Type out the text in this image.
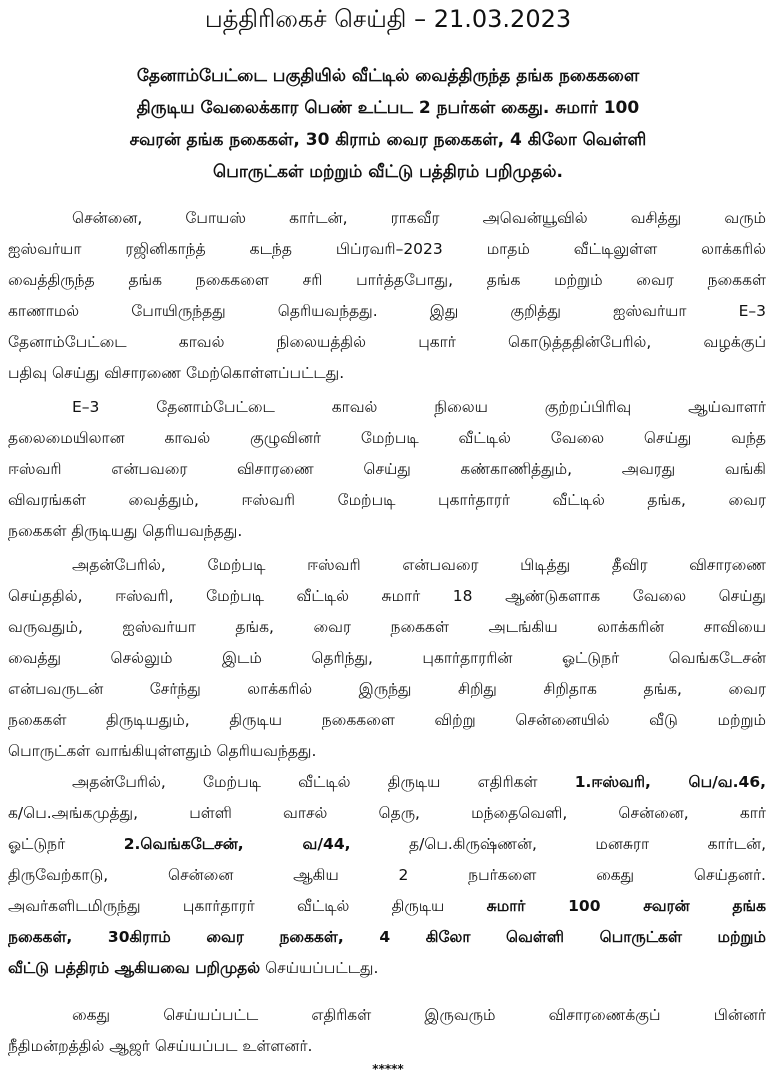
பத்திரிகைச் செய்தி – 21.03.2023
தேனாம்பேட்டை பகுதியில் வீட்டில் வைத்திருந்த தங்க நகைகளை
திருடிய வேலைக்கார பெண் உட்பட 2 நபர்கள் கைது. சுமார் 100
சவரன் தங்க நகைகள், 30 கிராம் வைர நகைகள், 4 கிலோ வெள்ளி
பொருட்கள் மற்றும் வீட்டு பத்திரம் பறிமுதல்.
சென்னை, போயஸ் கார்டன், ராகவீர அவென்யூவில் வசித்து வரும்
ஐஸ்வர்யா ரஜினிகாந்த் கடந்த பிப்ரவரி–2023 மாதம் வீட்டிலுள்ள லாக்கரில்
வைத்திருந்த தங்க நகைகளை சரி பார்த்தபோது, தங்க மற்றும் வைர நகைகள்
காணாமல் போயிருந்தது தெரியவந்தது. இது குறித்து ஐஸ்வர்யா E–3
தேனாம்பேட்டை காவல் நிலையத்தில் புகார் கொடுத்ததின்பேரில், வழக்குப்
பதிவு செய்து விசாரணை மேற்கொள்ளப்பட்டது.
E–3 தேனாம்பேட்டை காவல் நிலைய குற்றப்பிரிவு ஆய்வாளர்
தலைமையிலான காவல் குழுவினர் மேற்படி வீட்டில் வேலை செய்து வந்த
ஈஸ்வரி என்பவரை விசாரணை செய்து கண்காணித்தும், அவரது வங்கி
விவரங்கள் வைத்தும், ஈஸ்வரி மேற்படி புகார்தாரர் வீட்டில் தங்க, வைர
நகைகள் திருடியது தெரியவந்தது.
அதன்பேரில், மேற்படி ஈஸ்வரி என்பவரை பிடித்து தீவிர விசாரணை
செய்ததில், ஈஸ்வரி, மேற்படி வீட்டில் சுமார் 18 ஆண்டுகளாக வேலை செய்து
வருவதும், ஐஸ்வர்யா தங்க, வைர நகைகள் அடங்கிய லாக்கரின் சாவியை
வைத்து செல்லும் இடம் தெரிந்து, புகார்தாரரின் ஓட்டுநர் வெங்கடேசன்
என்பவருடன் சேர்ந்து லாக்கரில் இருந்து சிறிது சிறிதாக தங்க, வைர
நகைகள் திருடியதும், திருடிய நகைகளை விற்று சென்னையில் வீடு மற்றும்
பொருட்கள் வாங்கியுள்ளதும் தெரியவந்தது.
அதன்பேரில், மேற்படி வீட்டில் திருடிய எதிரிகள் 1.ஈஸ்வரி, பெ/வ.46,
க/பெ.அங்கமுத்து, பள்ளி வாசல் தெரு, மந்தைவெளி, சென்னை, கார்
ஓட்டுநர் 2.வெங்கடேசன், வ/44, த/பெ.கிருஷ்ணன், மனசுரா கார்டன்,
திருவேற்காடு, சென்னை ஆகிய 2 நபர்களை கைது செய்தனர்.
அவர்களிடமிருந்து புகார்தாரர் வீட்டில் திருடிய சுமார் 100 சவரன் தங்க
நகைகள், 30கிராம் வைர நகைகள், 4 கிலோ வெள்ளி பொருட்கள் மற்றும்
வீட்டு பத்திரம் ஆகியவை பறிமுதல் செய்யப்பட்டது.
கைது செய்யப்பட்ட எதிரிகள் இருவரும் விசாரணைக்குப் பின்னர்
நீதிமன்றத்தில் ஆஜர் செய்யப்பட உள்ளனர்.
*****
